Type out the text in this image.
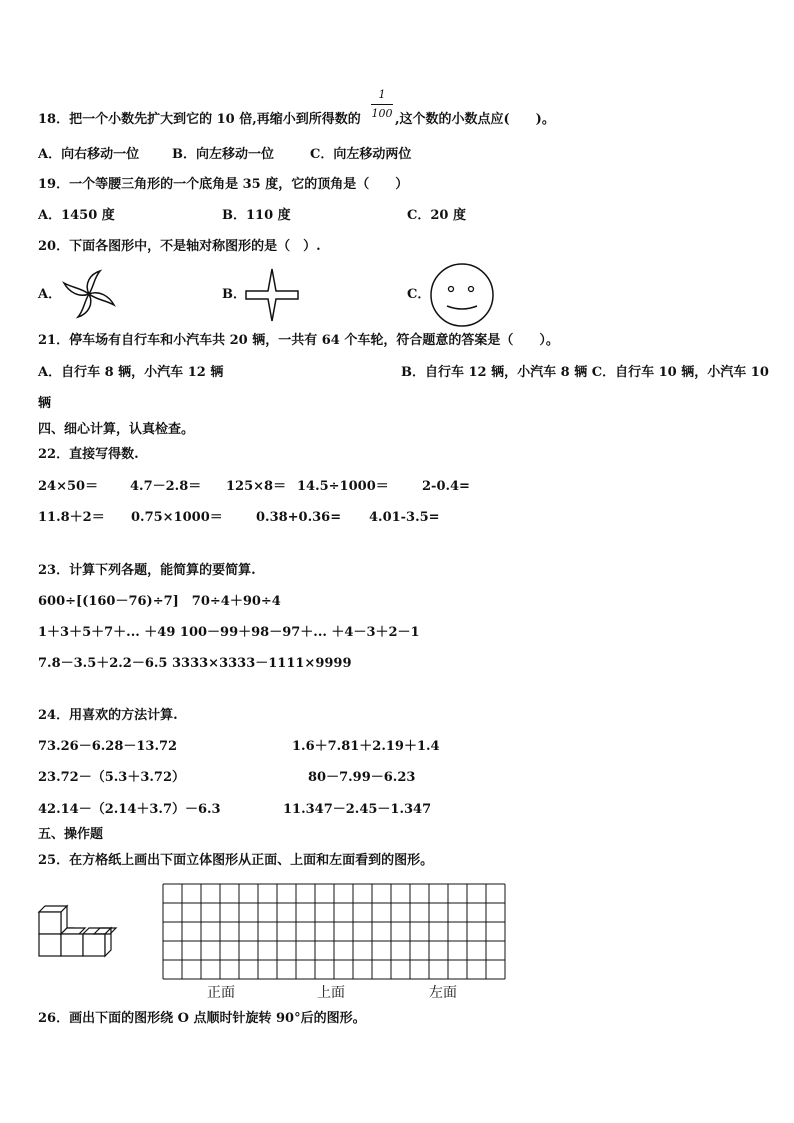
1
100
18．把一个小数先扩大到它的 10 倍,再缩小到所得数的	,这个数的小数点应(　　)。
A．向右移动一位	B．向左移动一位	C．向左移动两位
19．一个等腰三角形的一个底角是 35 度，它的顶角是（　　）
A．1450 度	B．110 度	C．20 度
20．下面各图形中，不是轴对称图形的是（　）.
A．	B．	C．
21．停车场有自行车和小汽车共 20 辆，一共有 64 个车轮，符合题意的答案是（　　）。
A．自行车 8 辆，小汽车 12 辆	B．自行车 12 辆，小汽车 8 辆 C．自行车 10 辆，小汽车 10
辆
四、细心计算，认真检查。
22．直接写得数.
24×50＝ 4.7－2.8＝ 125×8＝ 14.5÷1000＝	2-0.4=
11.8＋2＝ 0.75×1000＝	0.38+0.36= 4.01-3.5=
23．计算下列各题，能简算的要简算.
600÷[(160－76)÷7]　70÷4＋90÷4
1＋3＋5＋7＋... ＋49 100－99＋98－97＋... ＋4－3＋2－1
7.8－3.5＋2.2－6.5 3333×3333－1111×9999
24．用喜欢的方法计算.
73.26－6.28－13.72	1.6＋7.81＋2.19＋1.4
23.72－（5.3＋3.72）	80－7.99－6.23
42.14－（2.14＋3.7）－6.3	11.347－2.45－1.347
五、操作题
25．在方格纸上画出下面立体图形从正面、上面和左面看到的图形。
正面	上面	左面
26．画出下面的图形绕 O 点顺时针旋转 90°后的图形。
